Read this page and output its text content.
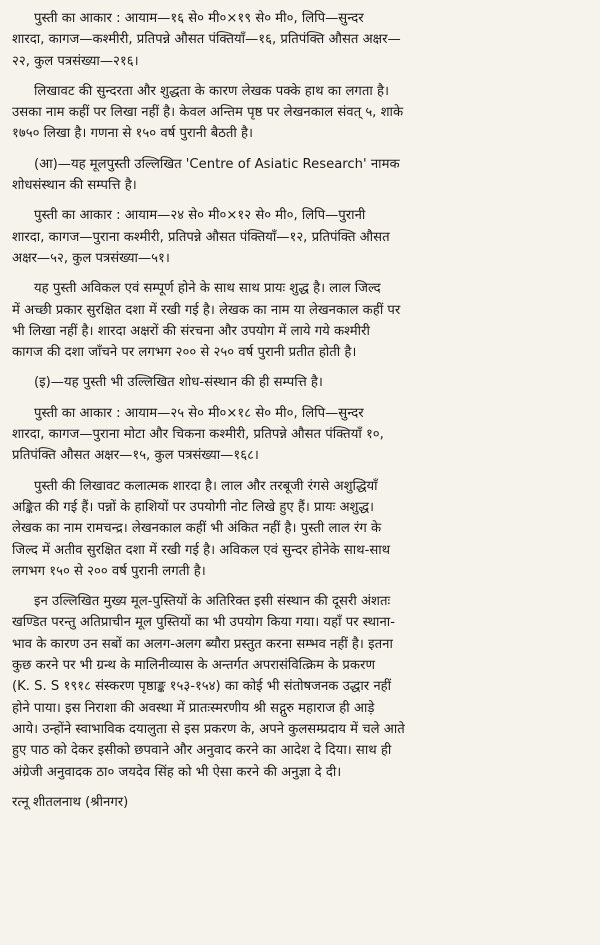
पुस्ती का आकार : आयाम—१६ से० मी०×१९ से० मी०, लिपि—सुन्दर
शारदा, कागज—कश्मीरी, प्रतिपन्ने औसत पंक्तियाँ—१६, प्रतिपंक्ति औसत अक्षर—
२२, कुल पत्रसंख्या—२१६।
लिखावट की सुन्दरता और शुद्धता के कारण लेखक पक्के हाथ का लगता है।
उसका नाम कहीं पर लिखा नहीं है। केवल अन्तिम पृष्ठ पर लेखनकाल संवत् ५, शाके
१७५० लिखा है। गणना से १५० वर्ष पुरानी बैठती है।
(आ)—यह मूलपुस्ती उल्लिखित 'Centre of Asiatic Research' नामक
शोधसंस्थान की सम्पत्ति है।
पुस्ती का आकार : आयाम—२४ से० मी०×१२ से० मी०, लिपि—पुरानी
शारदा, कागज—पुराना कश्मीरी, प्रतिपन्ने औसत पंक्तियाँ—१२, प्रतिपंक्ति औसत
अक्षर—५२, कुल पत्रसंख्या—५१।
यह पुस्ती अविकल एवं सम्पूर्ण होने के साथ साथ प्रायः शुद्ध है। लाल जिल्द
में अच्छी प्रकार सुरक्षित दशा में रखी गई है। लेखक का नाम या लेखनकाल कहीं पर
भी लिखा नहीं है। शारदा अक्षरों की संरचना और उपयोग में लाये गये कश्मीरी
कागज की दशा जाँचने पर लगभग २०० से २५० वर्ष पुरानी प्रतीत होती है।
(इ)—यह पुस्ती भी उल्लिखित शोध-संस्थान की ही सम्पत्ति है।
पुस्ती का आकार : आयाम—२५ से० मी०×१८ से० मी०, लिपि—सुन्दर
शारदा, कागज—पुराना मोटा और चिकना कश्मीरी, प्रतिपन्ने औसत पंक्तियाँ १०,
प्रतिपंक्ति औसत अक्षर—१५, कुल पत्रसंख्या—१६८।
पुस्ती की लिखावट कलात्मक शारदा है। लाल और तरबूजी रंगसे अशुद्धियाँ
अङ्कित की गई हैं। पन्नों के हाशियों पर उपयोगी नोट लिखे हुए हैं। प्रायः अशुद्ध।
लेखक का नाम रामचन्द्र। लेखनकाल कहीं भी अंकित नहीं है। पुस्ती लाल रंग के
जिल्द में अतीव सुरक्षित दशा में रखी गई है। अविकल एवं सुन्दर होनेके साथ-साथ
लगभग १५० से २०० वर्ष पुरानी लगती है।
इन उल्लिखित मुख्य मूल-पुस्तियों के अतिरिक्त इसी संस्थान की दूसरी अंशतः
खण्डित परन्तु अतिप्राचीन मूल पुस्तियों का भी उपयोग किया गया। यहाँ पर स्थाना-
भाव के कारण उन सबों का अलग-अलग ब्यौरा प्रस्तुत करना सम्भव नहीं है। इतना
कुछ करने पर भी ग्रन्थ के मालिनीव्यास के अन्तर्गत अपरासंवित्क्रिम के प्रकरण
(K. S. S १९१८ संस्करण पृष्ठाङ्क १५३-१५४) का कोई भी संतोषजनक उद्धार नहीं
होने पाया। इस निराशा की अवस्था में प्रातःस्मरणीय श्री सद्गुरु महाराज ही आड़े
आये। उन्होंने स्वाभाविक दयालुता से इस प्रकरण के, अपने कुलसम्प्रदाय में चले आते
हुए पाठ को देकर इसीको छपवाने और अनुवाद करने का आदेश दे दिया। साथ ही
अंग्रेजी अनुवादक ठा० जयदेव सिंह को भी ऐसा करने की अनुज्ञा दे दी।
रत्नू शीतलनाथ (श्रीनगर)
